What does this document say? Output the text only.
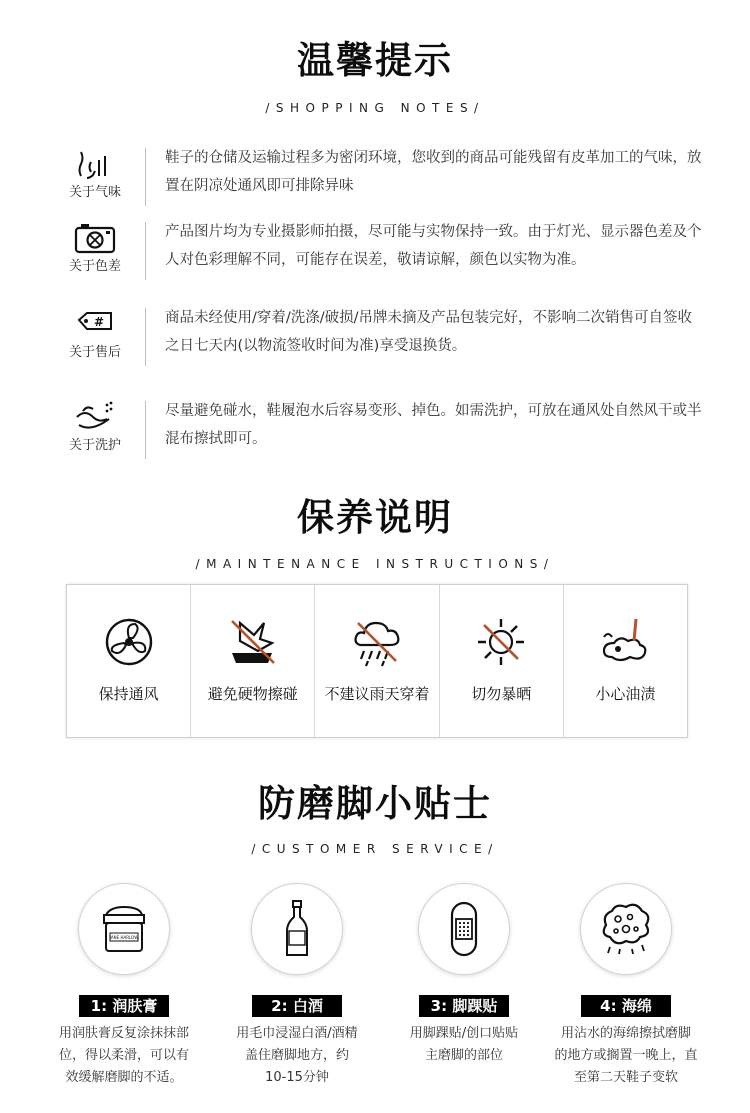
温馨提示
/SHOPPING NOTES/
关于气味
鞋子的仓储及运输过程多为密闭环境，您收到的商品可能残留有皮革加工的气味，放置在阴凉处通风即可排除异味
关于色差
产品图片均为专业摄影师拍摄，尽可能与实物保持一致。由于灯光、显示器色差及个人对色彩理解不同，可能存在误差，敬请谅解，颜色以实物为准。
#
关于售后
商品未经使用/穿着/洗涤/破损/吊牌未摘及产品包装完好，不影响二次销售可自签收之日七天内(以物流签收时间为准)享受退换货。
关于洗护
尽量避免碰水，鞋履泡水后容易变形、掉色。如需洗护，可放在通风处自然风干或半混布擦拭即可。
保养说明
/MAINTENANCE INSTRUCTIONS/
保持通风	避免硬物擦碰	不建议雨天穿着	切勿暴晒	小心油渍
防磨脚小贴士
/CUSTOMER SERVICE/
JANE HARLOW
1: 润肤膏
用润肤膏反复涂抹抹部
位，得以柔滑，可以有
效缓解磨脚的不适。
2: 白酒
用毛巾浸湿白酒/酒精
盖住磨脚地方，约
10-15分钟
3: 脚踝贴
用脚踝贴/创口贴贴
主磨脚的部位
4: 海绵
用沾水的海绵擦拭磨脚
的地方或搁置一晚上，直
至第二天鞋子变软
